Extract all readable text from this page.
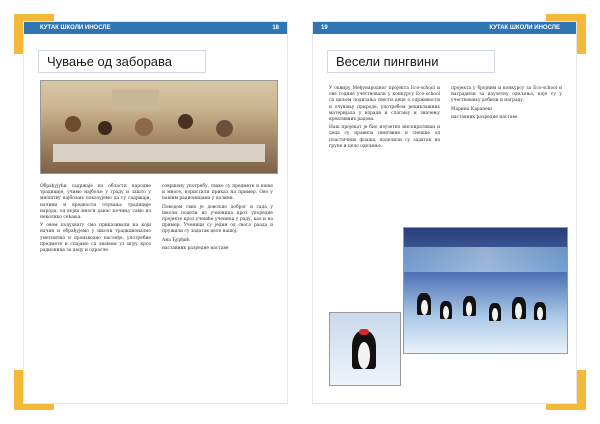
КУТАК ШКОЛИ ИНОСЛЕ	18
Чување од заборава

Обрађујући садржаје из области народне традиције, учимо најбоље у граду и зашто у мноштву најбољих показујемо да су садржаји, начини и вредности очувања традиције народа, од којих многи данас почињу само из неколико сећања.

У овом подухвату смо приказивали на који начин и обрађујемо у школи традиционално уметничко и производно наслеђе, употребне предмете и спајамо са знањем уз игру кроз радионице за децу и одрасле.

совршену употребу, сваке су предмете и наше и многе, користили приказ на пример. Ово у нашим радионицама у долини.

Поводом свих је довољно доброг и сада у школи подели из учионица кроз упоредне пројекте кроз учешће ученика у раду, као и на пример. Ученици су једни од свога раада и пружили су задатак целе нашој.

Ана Ђурђић

наставник разредне наставе

19	КУТАК ШКОЛИ ИНОСЛЕ
Весели пингвини

У оквиру Међународног пројекта Eco-school и ове године учествовали у конкурсу Eco-school са циљем подизања свести деце о одрживости и очувању природе, употребом рециклажних материјала у изради и слагању и значењу креативних радова.

Наш пројекат је био изузетно инспиративан и деца су правила пингвине и снешке од пластичних флаша, поделили су задатак на групе и цело одељење.

пројекта у бројним и конкурсу за Eco-school и наградили за изузетну одељења, које су у учествовању добили и награду.

Марина Карапеш

наставник разредне наставе
